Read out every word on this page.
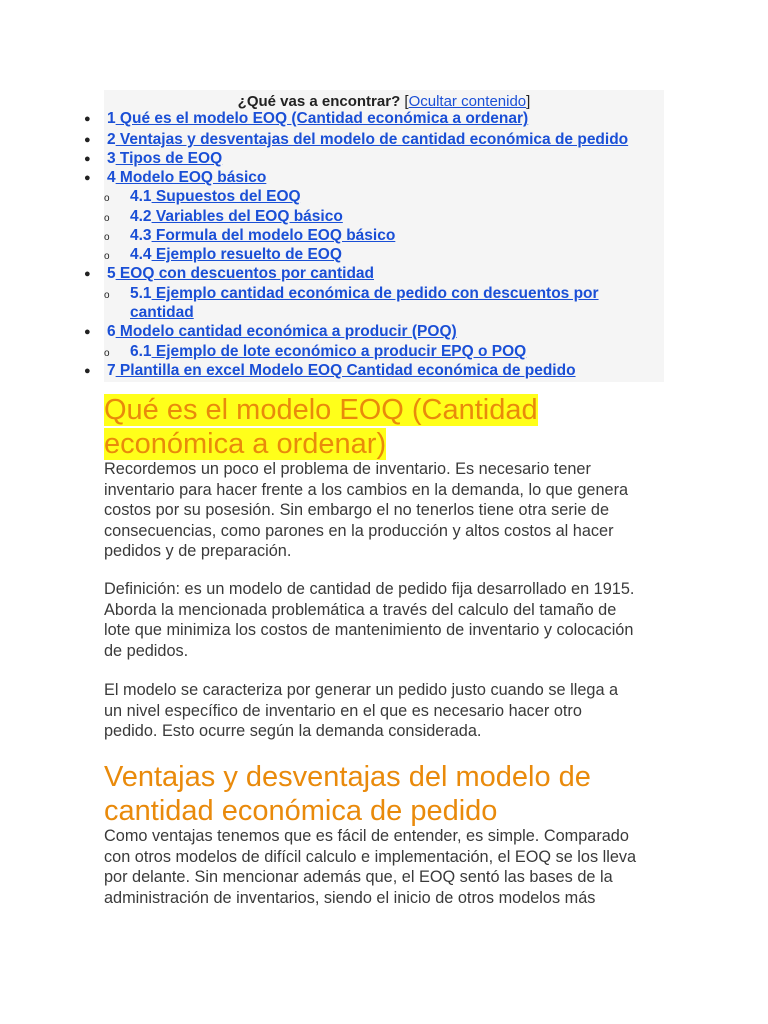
¿Qué vas a encontrar? [Ocultar contenido]
● 1 Qué es el modelo EOQ (Cantidad económica a ordenar)
● 2 Ventajas y desventajas del modelo de cantidad económica de pedido
● 3 Tipos de EOQ
● 4 Modelo EOQ básico
o 4.1 Supuestos del EOQ
o 4.2 Variables del EOQ básico
o 4.3 Formula del modelo EOQ básico
o 4.4 Ejemplo resuelto de EOQ
● 5 EOQ con descuentos por cantidad
o 5.1 Ejemplo cantidad económica de pedido con descuentos por
cantidad
● 6 Modelo cantidad económica a producir (POQ)
o 6.1 Ejemplo de lote económico a producir EPQ o POQ
● 7 Plantilla en excel Modelo EOQ Cantidad económica de pedido
Qué es el modelo EOQ (Cantidad
económica a ordenar)
Recordemos un poco el problema de inventario. Es necesario tener
inventario para hacer frente a los cambios en la demanda, lo que genera
costos por su posesión. Sin embargo el no tenerlos tiene otra serie de
consecuencias, como parones en la producción y altos costos al hacer
pedidos y de preparación.
Definición: es un modelo de cantidad de pedido fija desarrollado en 1915.
Aborda la mencionada problemática a través del calculo del tamaño de
lote que minimiza los costos de mantenimiento de inventario y colocación
de pedidos.
El modelo se caracteriza por generar un pedido justo cuando se llega a
un nivel específico de inventario en el que es necesario hacer otro
pedido. Esto ocurre según la demanda considerada.
Ventajas y desventajas del modelo de
cantidad económica de pedido
Como ventajas tenemos que es fácil de entender, es simple. Comparado
con otros modelos de difícil calculo e implementación, el EOQ se los lleva
por delante. Sin mencionar además que, el EOQ sentó las bases de la
administración de inventarios, siendo el inicio de otros modelos más
